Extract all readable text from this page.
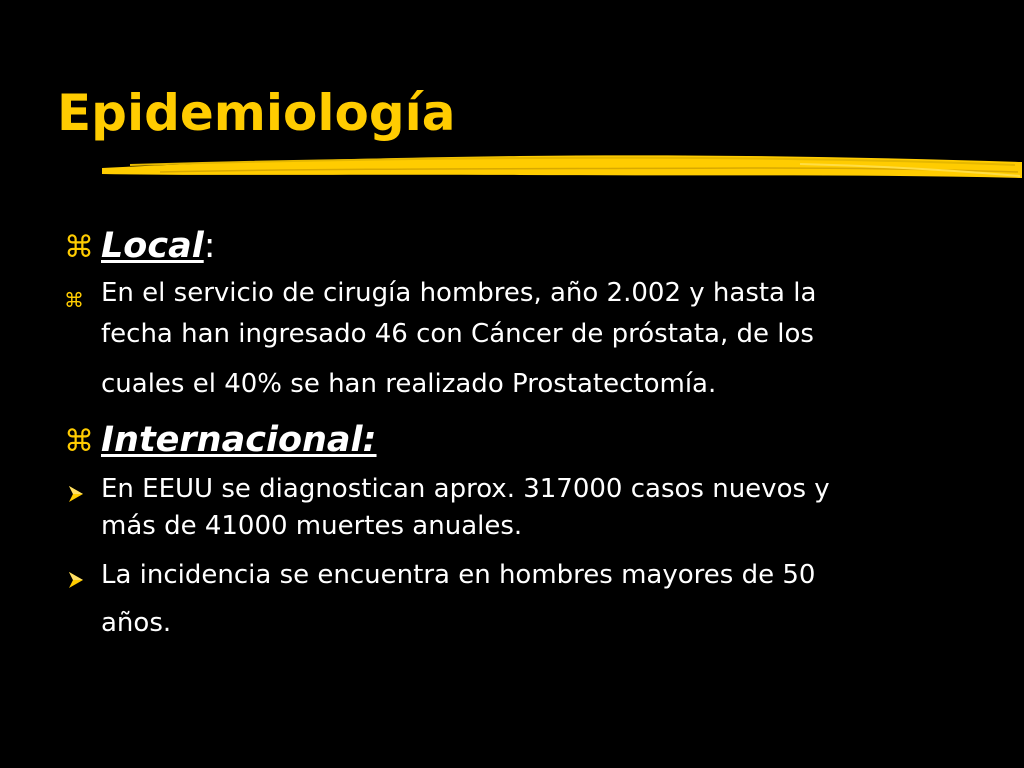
Epidemiología
⌘ Local:
⌘ En el servicio de cirugía hombres, año 2.002 y hasta la
fecha han ingresado 46 con Cáncer de próstata, de los
cuales el 40% se han realizado Prostatectomía.
⌘ Internacional:
En EEUU se diagnostican aprox. 317000 casos nuevos y
más de 41000 muertes anuales.
La incidencia se encuentra en hombres mayores de 50
años.
